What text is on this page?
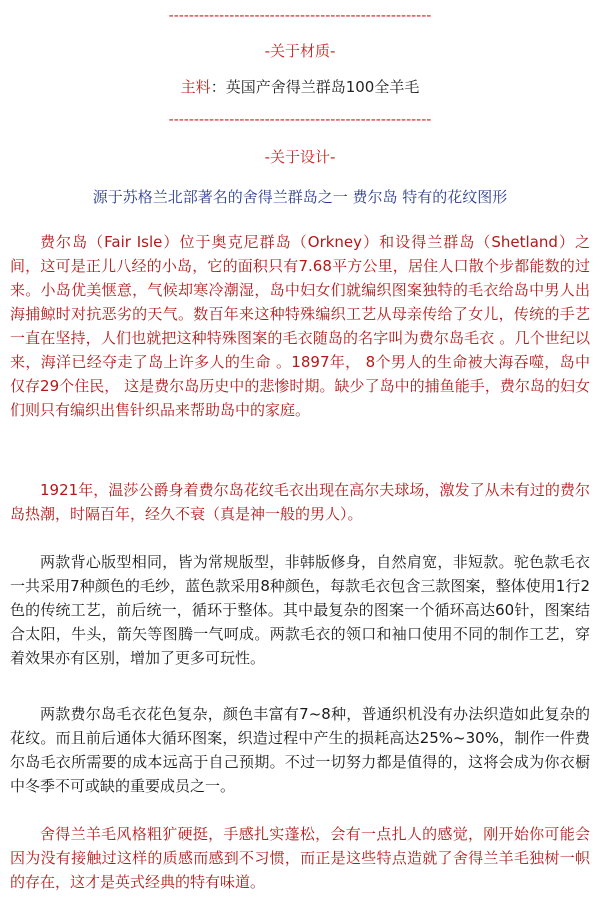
----------------------------------------------------
-关于材质-
主料：英国产舍得兰群岛100全羊毛
----------------------------------------------------
-关于设计-
源于苏格兰北部著名的舍得兰群岛之一 费尔岛 特有的花纹图形

费尔岛（Fair Isle）位于奥克尼群岛（Orkney）和设得兰群岛（Shetland）之间，这可是正儿八经的小岛，它的面积只有7.68平方公里，居住人口散个步都能数的过来。小岛优美惬意，气候却寒冷潮湿，岛中妇女们就编织图案独特的毛衣给岛中男人出海捕鲸时对抗恶劣的天气。数百年来这种特殊编织工艺从母亲传给了女儿，传统的手艺一直在坚持，人们也就把这种特殊图案的毛衣随岛的名字叫为费尔岛毛衣 。几个世纪以来，海洋已经夺走了岛上许多人的生命 。1897年， 8个男人的生命被大海吞噬，岛中仅存29个住民， 这是费尔岛历史中的悲惨时期。缺少了岛中的捕鱼能手，费尔岛的妇女们则只有编织出售针织品来帮助岛中的家庭。

1921年，温莎公爵身着费尔岛花纹毛衣出现在高尔夫球场，激发了从未有过的费尔岛热潮，时隔百年，经久不衰（真是神一般的男人）。

两款背心版型相同，皆为常规版型，非韩版修身，自然肩宽，非短款。驼色款毛衣一共采用7种颜色的毛纱，蓝色款采用8种颜色，每款毛衣包含三款图案，整体使用1行2色的传统工艺，前后统一，循环于整体。其中最复杂的图案一个循环高达60针，图案结合太阳，牛头，箭矢等图腾一气呵成。两款毛衣的领口和袖口使用不同的制作工艺，穿着效果亦有区别，增加了更多可玩性。

两款费尔岛毛衣花色复杂，颜色丰富有7~8种，普通织机没有办法织造如此复杂的花纹。而且前后通体大循环图案，织造过程中产生的损耗高达25%~30%，制作一件费尔岛毛衣所需要的成本远高于自己预期。不过一切努力都是值得的，这将会成为你衣橱中冬季不可或缺的重要成员之一。

舍得兰羊毛风格粗犷硬挺，手感扎实蓬松，会有一点扎人的感觉，刚开始你可能会因为没有接触过这样的质感而感到不习惯，而正是这些特点造就了舍得兰羊毛独树一帜的存在，这才是英式经典的特有味道。
